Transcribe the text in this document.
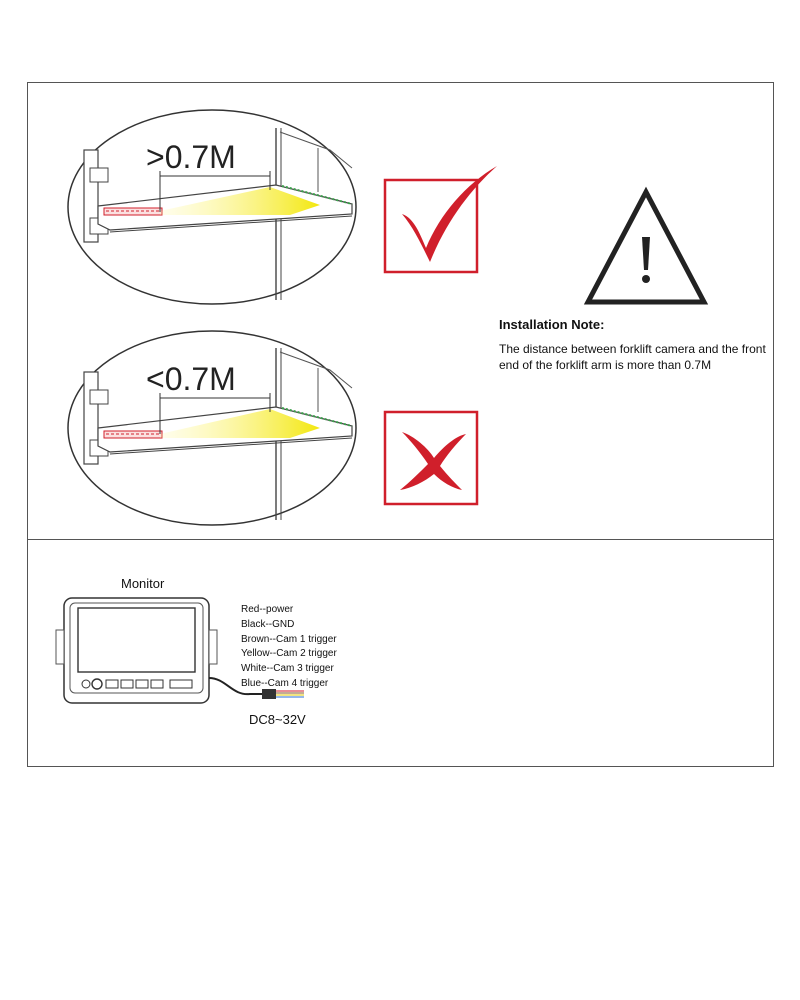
>0.7M
<0.7M
Monitor
DC8~32V
Installation Note:
The distance between forklift camera and the front end of the forklift arm is more than 0.7M
Red--power
Black--GND
Brown--Cam 1 trigger
Yellow--Cam 2 trigger
White--Cam 3 trigger
Blue--Cam 4 trigger
